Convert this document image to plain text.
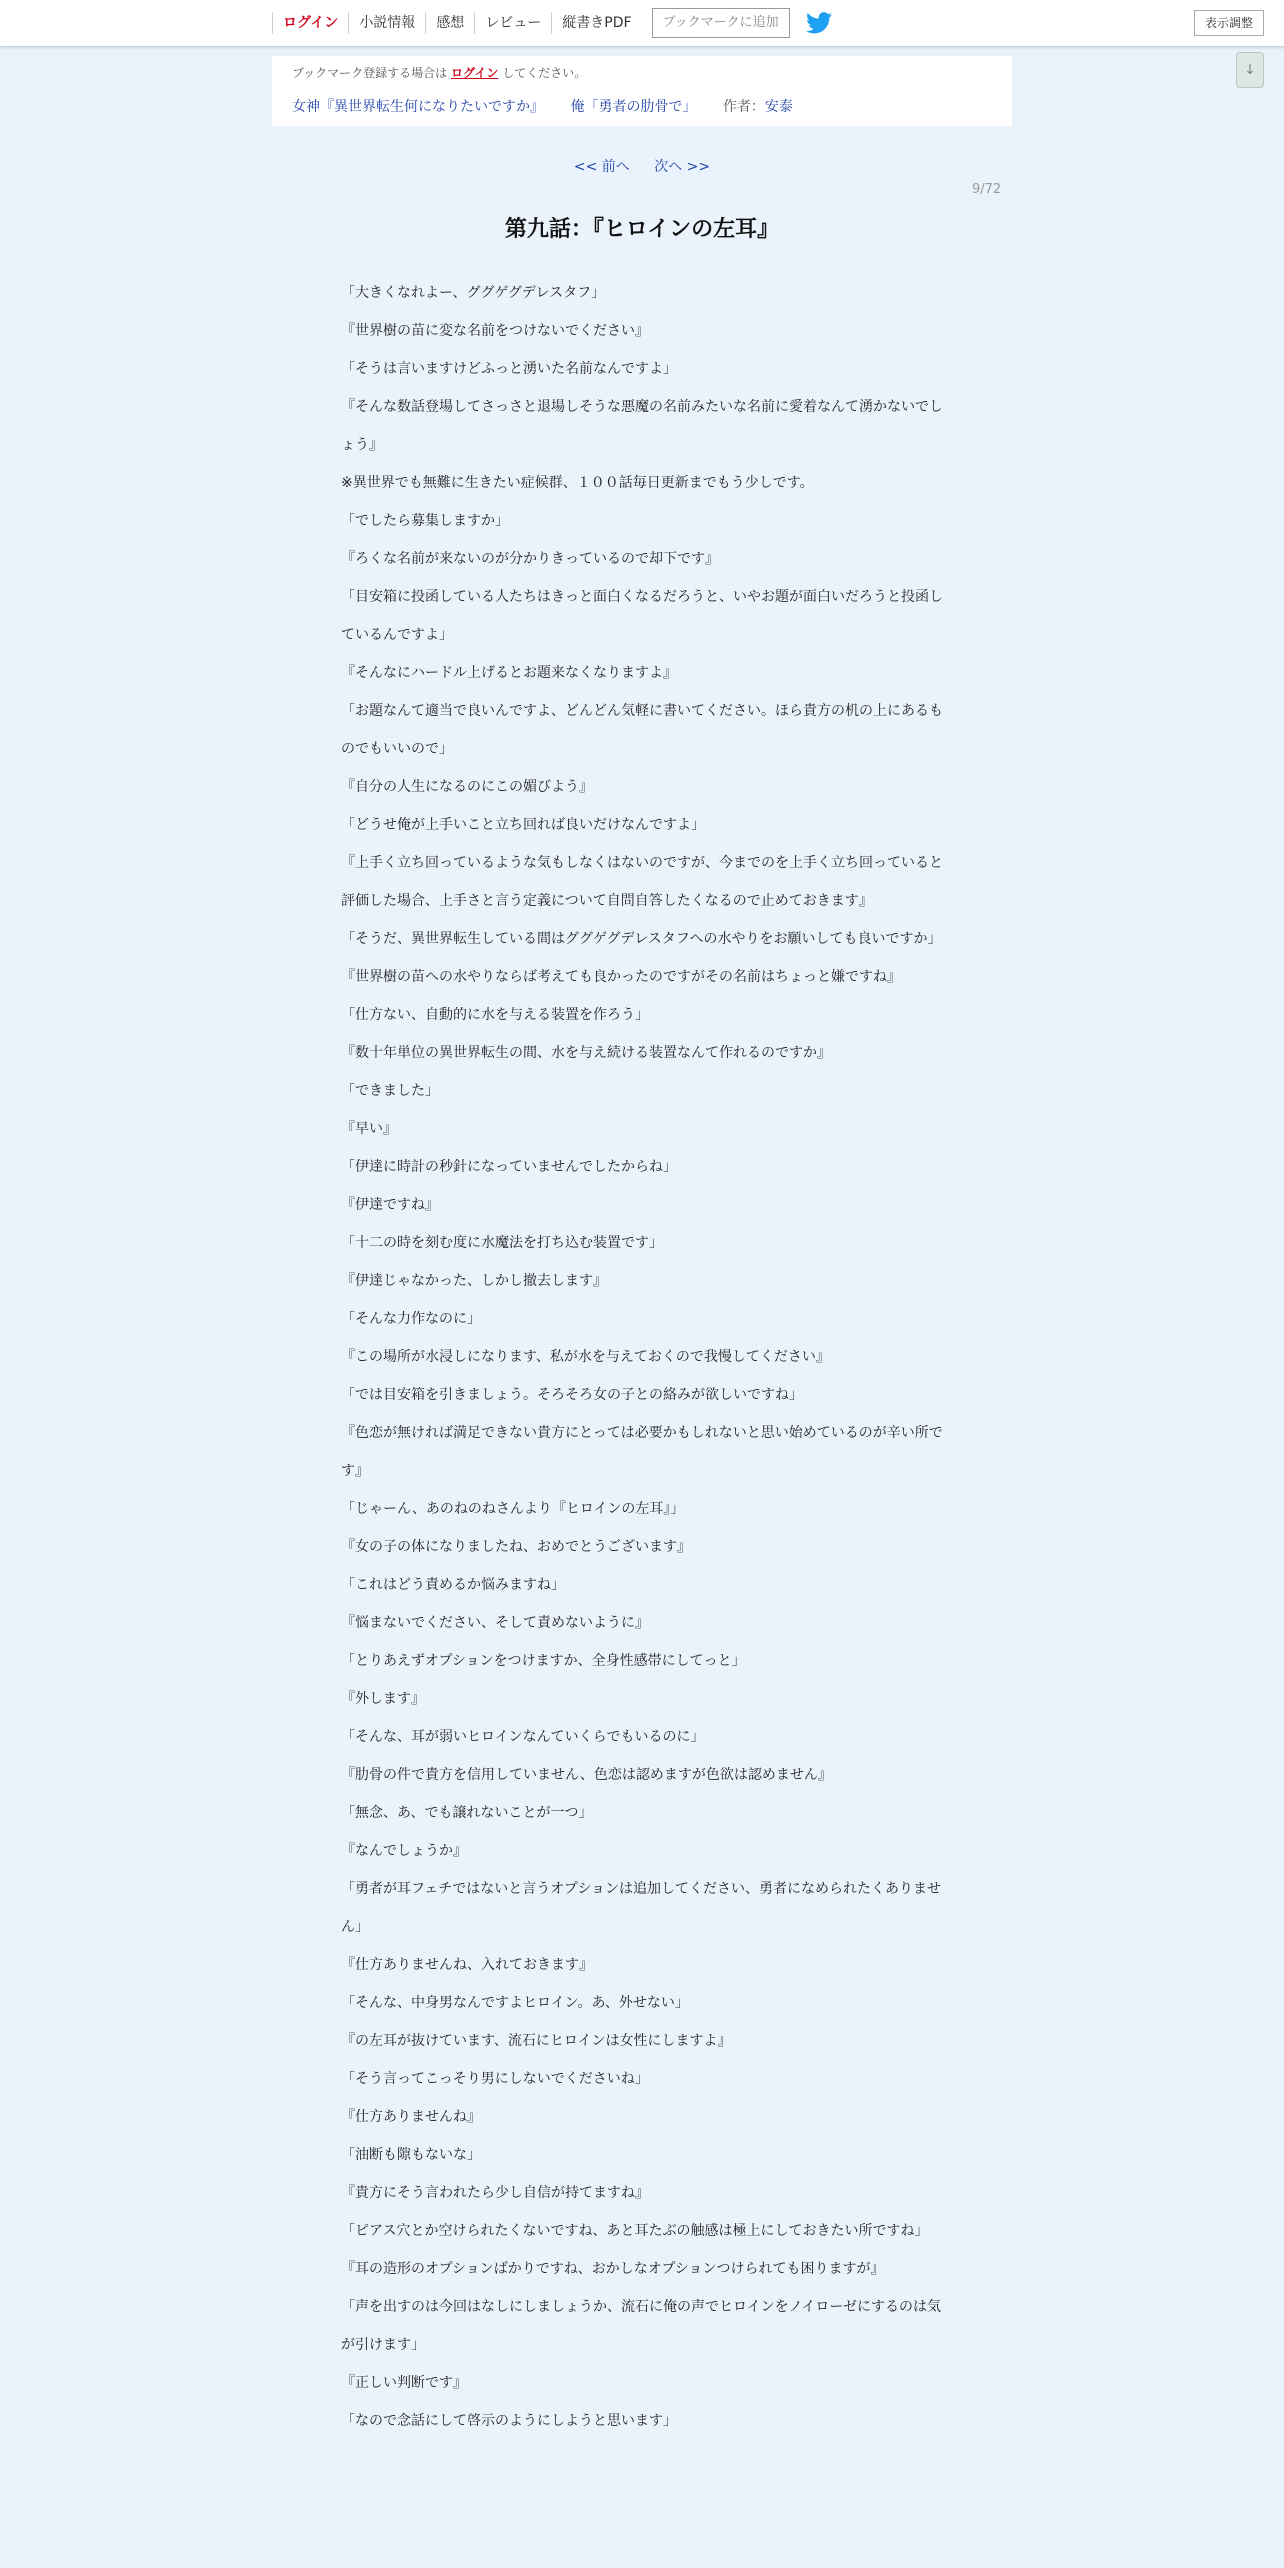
ログイン	小説情報	感想	レビュー	縦書きPDF	ブックマークに追加	表示調整
↓
ブックマーク登録する場合は ログイン してください。
女神『異世界転生何になりたいですか』 俺「勇者の肋骨で」 作者：安泰
<< 前へ 次へ >>
9/72
第九話：『ヒロインの左耳』

「大きくなれよー、ググゲグデレスタフ」

『世界樹の苗に変な名前をつけないでください』

「そうは言いますけどふっと湧いた名前なんですよ」

『そんな数話登場してさっさと退場しそうな悪魔の名前みたいな名前に愛着なんて湧かないでしょう』

※異世界でも無難に生きたい症候群、１００話毎日更新までもう少しです。

「でしたら募集しますか」

『ろくな名前が来ないのが分かりきっているので却下です』

「目安箱に投函している人たちはきっと面白くなるだろうと、いやお題が面白いだろうと投函しているんですよ」

『そんなにハードル上げるとお題来なくなりますよ』

「お題なんて適当で良いんですよ、どんどん気軽に書いてください。ほら貴方の机の上にあるものでもいいので」

『自分の人生になるのにこの媚びよう』

「どうせ俺が上手いこと立ち回れば良いだけなんですよ」

『上手く立ち回っているような気もしなくはないのですが、今までのを上手く立ち回っていると評価した場合、上手さと言う定義について自問自答したくなるので止めておきます』

「そうだ、異世界転生している間はググゲグデレスタフへの水やりをお願いしても良いですか」

『世界樹の苗への水やりならば考えても良かったのですがその名前はちょっと嫌ですね』

「仕方ない、自動的に水を与える装置を作ろう」

『数十年単位の異世界転生の間、水を与え続ける装置なんて作れるのですか』

「できました」

『早い』

「伊達に時計の秒針になっていませんでしたからね」

『伊達ですね』

「十二の時を刻む度に水魔法を打ち込む装置です」

『伊達じゃなかった、しかし撤去します』

「そんな力作なのに」

『この場所が水浸しになります、私が水を与えておくので我慢してください』

「では目安箱を引きましょう。そろそろ女の子との絡みが欲しいですね」

『色恋が無ければ満足できない貴方にとっては必要かもしれないと思い始めているのが辛い所です』

「じゃーん、あのねのねさんより『ヒロインの左耳』」

『女の子の体になりましたね、おめでとうございます』

「これはどう責めるか悩みますね」

『悩まないでください、そして責めないように』

「とりあえずオプションをつけますか、全身性感帯にしてっと」

『外します』

「そんな、耳が弱いヒロインなんていくらでもいるのに」

『肋骨の件で貴方を信用していません、色恋は認めますが色欲は認めません』

「無念、あ、でも譲れないことが一つ」

『なんでしょうか』

「勇者が耳フェチではないと言うオプションは追加してください、勇者になめられたくありません」

『仕方ありませんね、入れておきます』

「そんな、中身男なんですよヒロイン。あ、外せない」

『の左耳が抜けています、流石にヒロインは女性にしますよ』

「そう言ってこっそり男にしないでくださいね」

『仕方ありませんね』

「油断も隙もないな」

『貴方にそう言われたら少し自信が持てますね』

「ピアス穴とか空けられたくないですね、あと耳たぶの触感は極上にしておきたい所ですね」

『耳の造形のオプションばかりですね、おかしなオプションつけられても困りますが』

「声を出すのは今回はなしにしましょうか、流石に俺の声でヒロインをノイローゼにするのは気が引けます」

『正しい判断です』

「なので念話にして啓示のようにしようと思います」
